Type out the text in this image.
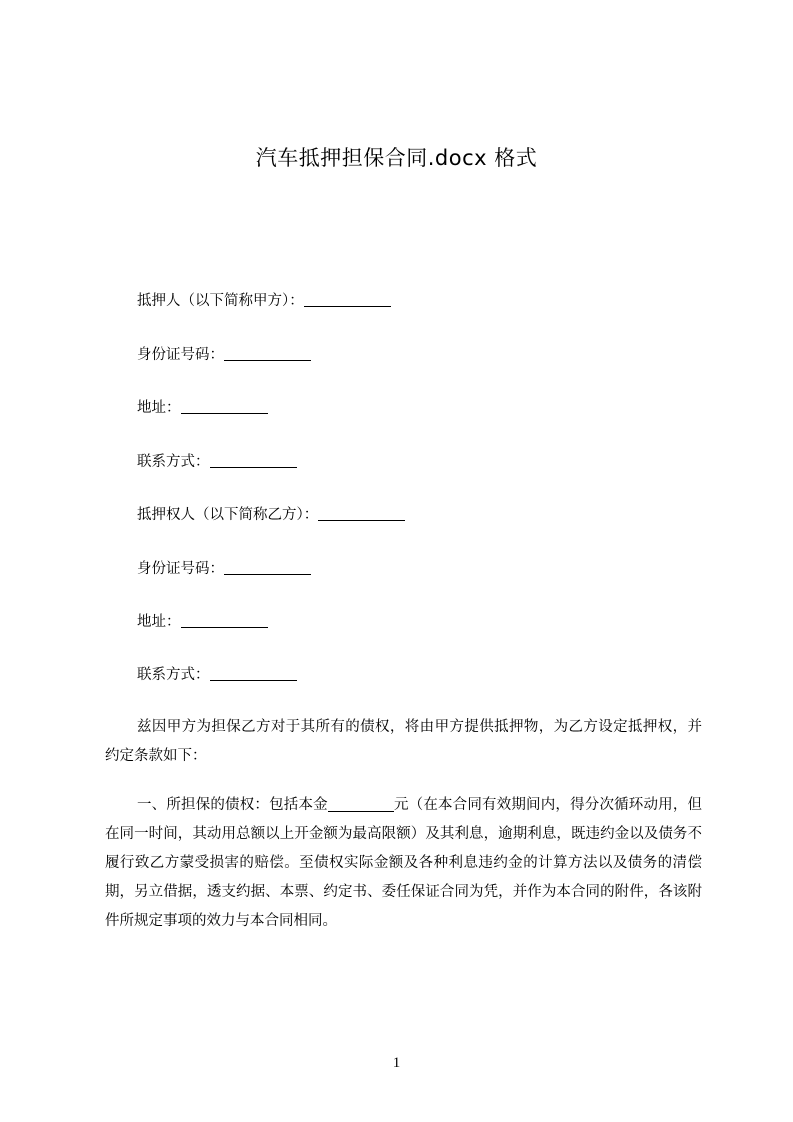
汽车抵押担保合同.docx 格式
抵押人（以下简称甲方）：
身份证号码：
地址：
联系方式：
抵押权人（以下简称乙方）：
身份证号码：
地址：
联系方式：
兹因甲方为担保乙方对于其所有的债权，将由甲方提供抵押物，为乙方设定抵押权，并约定条款如下：
一、所担保的债权：包括本金	元（在本合同有效期间内，得分次循环动用，但在同一时间，其动用总额以上开金额为最高限额）及其利息，逾期利息，既违约金以及债务不履行致乙方蒙受损害的赔偿。至债权实际金额及各种利息违约金的计算方法以及债务的清偿期，另立借据，透支约据、本票、约定书、委任保证合同为凭，并作为本合同的附件，各该附件所规定事项的效力与本合同相同。
1
